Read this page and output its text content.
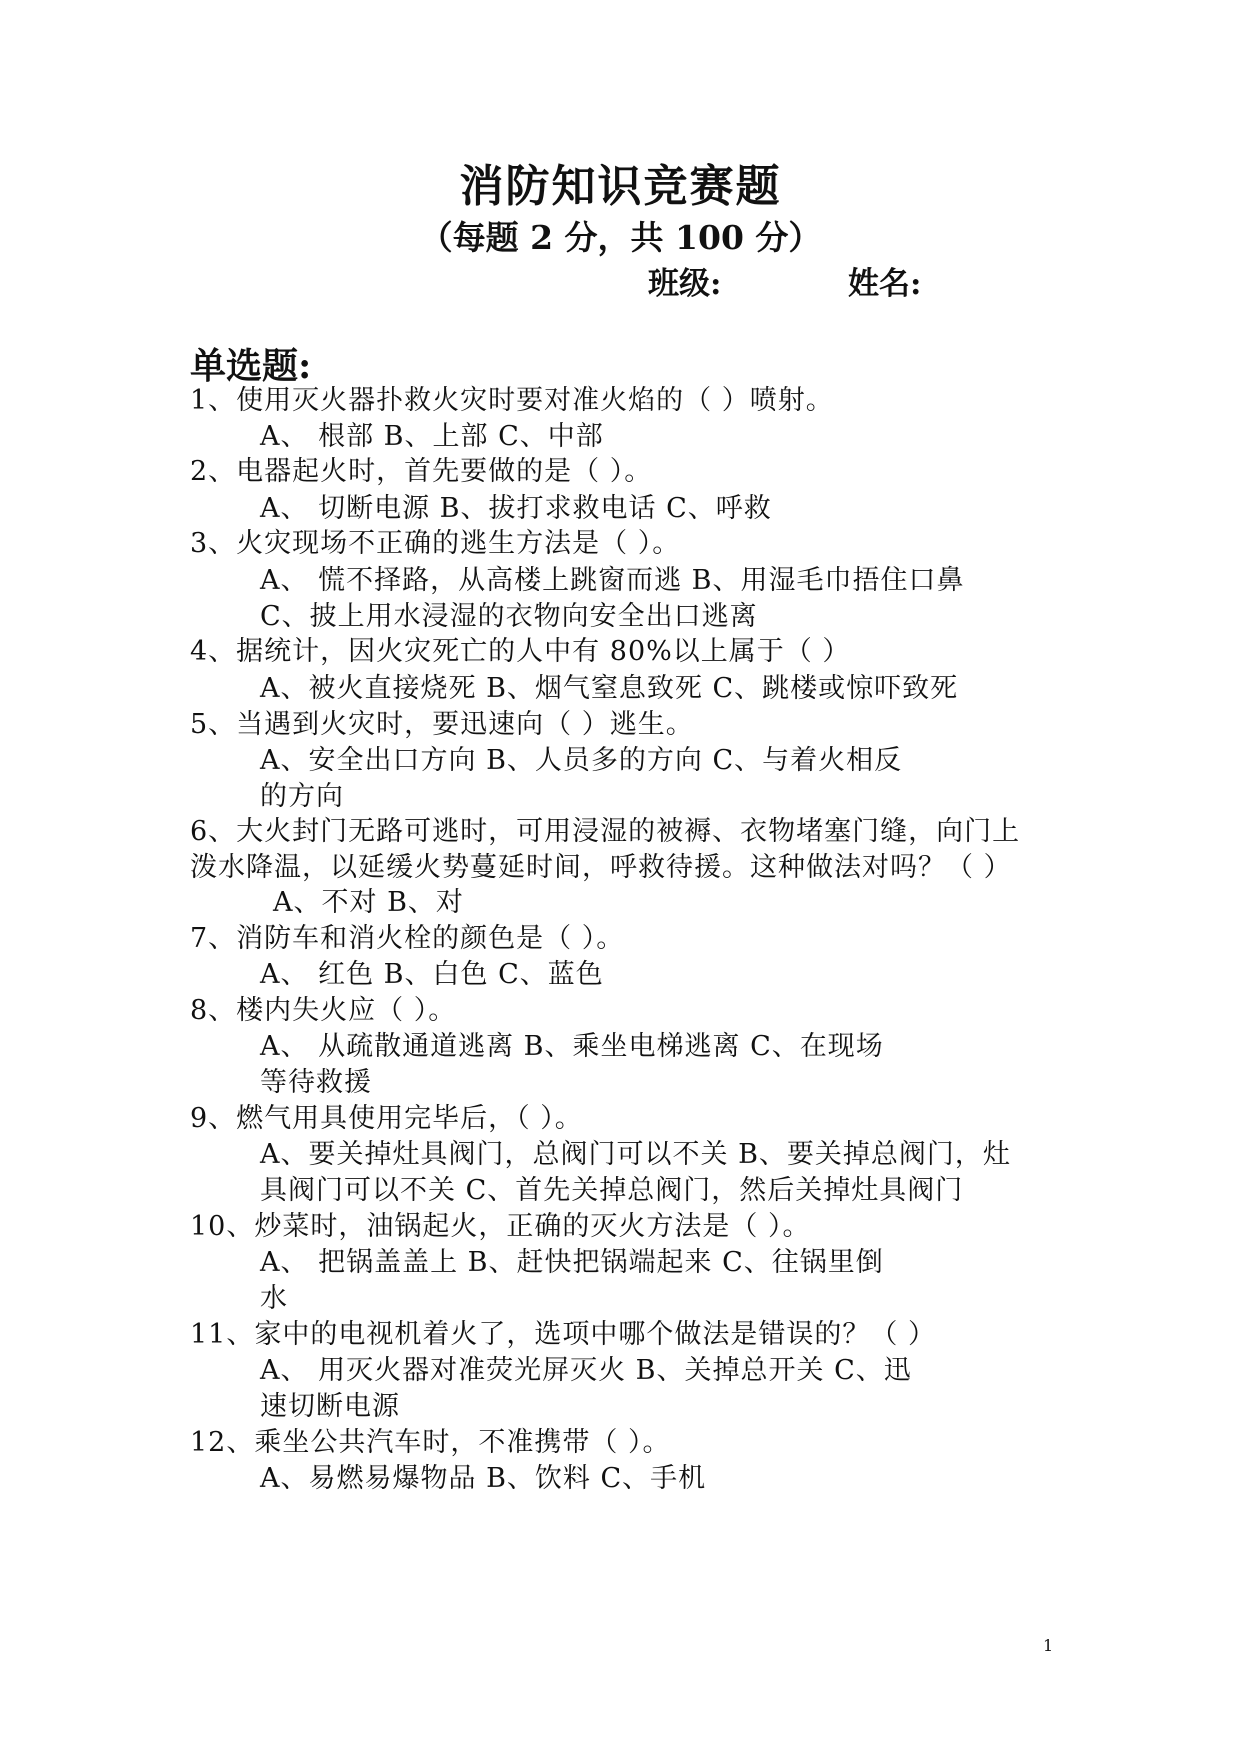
消防知识竞赛题
（每题 2 分，共 100 分）
班级:	姓名:
单选题:
1、使用灭火器扑救火灾时要对准火焰的（ ）喷射。
A、 根部 B、上部 C、中部
2、电器起火时，首先要做的是（ ）。
A、 切断电源 B、拔打求救电话 C、呼救
3、火灾现场不正确的逃生方法是（ ）。
A、 慌不择路，从高楼上跳窗而逃 B、用湿毛巾捂住口鼻
C、披上用水浸湿的衣物向安全出口逃离
4、据统计，因火灾死亡的人中有 80%以上属于（ ）
A、被火直接烧死 B、烟气窒息致死 C、跳楼或惊吓致死
5、当遇到火灾时，要迅速向（ ）逃生。
A、安全出口方向 B、人员多的方向 C、与着火相反
的方向
6、大火封门无路可逃时，可用浸湿的被褥、衣物堵塞门缝，向门上
泼水降温，以延缓火势蔓延时间，呼救待援。这种做法对吗？（ ）
A、不对 B、对
7、消防车和消火栓的颜色是（ ）。
A、 红色 B、白色 C、蓝色
8、楼内失火应（ ）。
A、 从疏散通道逃离 B、乘坐电梯逃离 C、在现场
等待救援
9、燃气用具使用完毕后，（ ）。
A、要关掉灶具阀门，总阀门可以不关 B、要关掉总阀门，灶
具阀门可以不关 C、首先关掉总阀门，然后关掉灶具阀门
10、炒菜时，油锅起火，正确的灭火方法是（ ）。
A、 把锅盖盖上 B、赶快把锅端起来 C、往锅里倒
水
11、家中的电视机着火了，选项中哪个做法是错误的？（ ）
A、 用灭火器对准荧光屏灭火 B、关掉总开关 C、迅
速切断电源
12、乘坐公共汽车时，不准携带（ ）。
A、易燃易爆物品 B、饮料 C、手机
1
